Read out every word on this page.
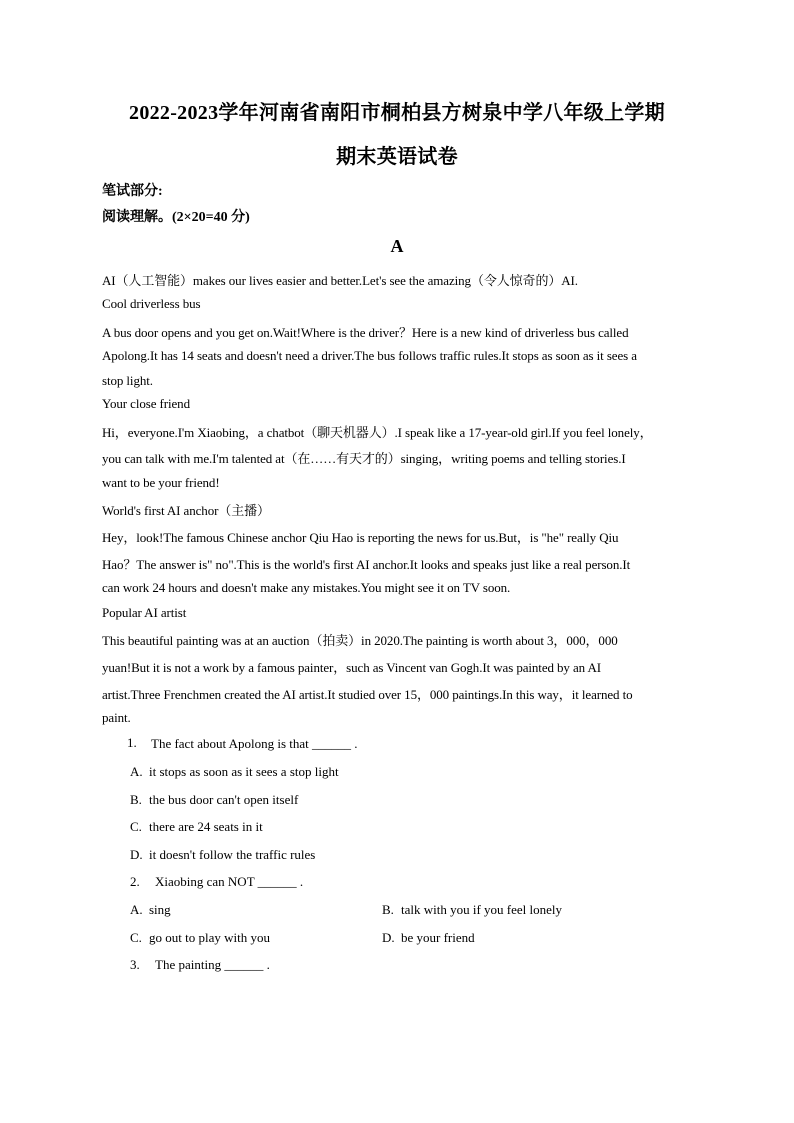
2022-2023学年河南省南阳市桐柏县方树泉中学八年级上学期
期末英语试卷
笔试部分:
阅读理解。(2×20=40 分)
A
AI（人工智能）makes our lives easier and better.Let's see the amazing（令人惊奇的）AI.
Cool driverless bus
A bus door opens and you get on.Wait!Where is the driver？Here is a new kind of driverless bus called
Apolong.It has 14 seats and doesn't need a driver.The bus follows traffic rules.It stops as soon as it sees a
stop light.
Your close friend
Hi，everyone.I'm Xiaobing，a chatbot（聊天机器人）.I speak like a 17-year-old girl.If you feel lonely，
you can talk with me.I'm talented at（在……有天才的）singing，writing poems and telling stories.I
want to be your friend!
World's first AI anchor（主播）
Hey，look!The famous Chinese anchor Qiu Hao is reporting the news for us.But，is "he" really Qiu
Hao？The answer is" no".This is the world's first AI anchor.It looks and speaks just like a real person.It
can work 24 hours and doesn't make any mistakes.You might see it on TV soon.
Popular AI artist
This beautiful painting was at an auction（拍卖）in 2020.The painting is worth about 3，000，000
yuan!But it is not a work by a famous painter，such as Vincent van Gogh.It was painted by an AI
artist.Three Frenchmen created the AI artist.It studied over 15，000 paintings.In this way，it learned to
paint.
1. The fact about Apolong is that ______ .
A. it stops as soon as it sees a stop light
B. the bus door can't open itself
C. there are 24 seats in it
D. it doesn't follow the traffic rules
2. Xiaobing can NOT ______ .
A. sing	B. talk with you if you feel lonely
C. go out to play with you	D. be your friend
3. The painting ______ .
